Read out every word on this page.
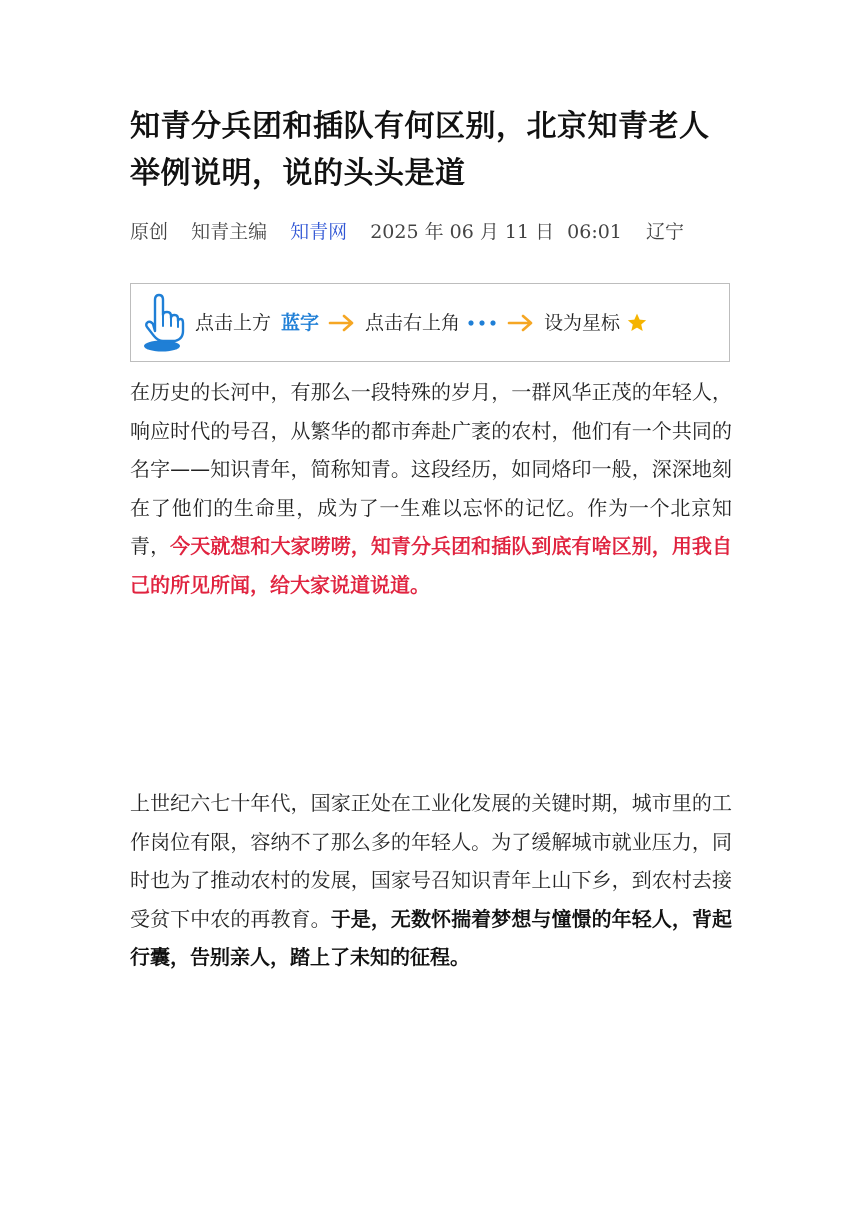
知青分兵团和插队有何区别，北京知青老人举例说明，说的头头是道
原创 知青主编 知青网 2025 年 06 月 11 日 06:01 辽宁
点击上方 蓝字 点击右上角	设为星标

在历史的长河中，有那么一段特殊的岁月，一群风华正茂的年轻人，响应时代的号召，从繁华的都市奔赴广袤的农村，他们有一个共同的名字——知识青年，简称知青。这段经历，如同烙印一般，深深地刻在了他们的生命里，成为了一生难以忘怀的记忆。作为一个北京知青，今天就想和大家唠唠，知青分兵团和插队到底有啥区别，用我自己的所见所闻，给大家说道说道。

上世纪六七十年代，国家正处在工业化发展的关键时期，城市里的工作岗位有限，容纳不了那么多的年轻人。为了缓解城市就业压力，同时也为了推动农村的发展，国家号召知识青年上山下乡，到农村去接受贫下中农的再教育。于是，无数怀揣着梦想与憧憬的年轻人，背起行囊，告别亲人，踏上了未知的征程。
